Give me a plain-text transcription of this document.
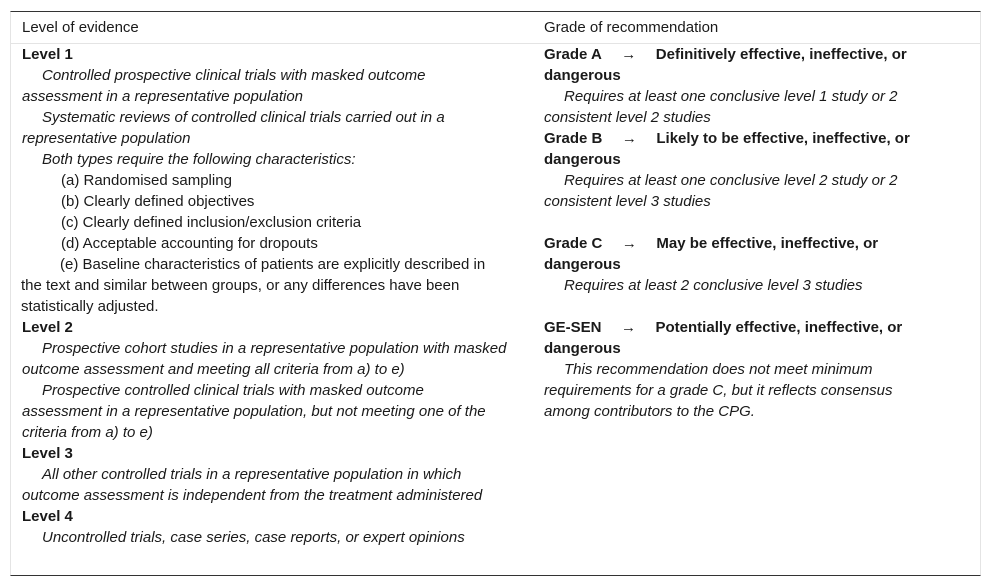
Level of evidence

Level 1

Controlled prospective clinical trials with masked outcome assessment in a representative population

Systematic reviews of controlled clinical trials carried out in a representative population

Both types require the following characteristics:

(a) Randomised sampling

(b) Clearly defined objectives

(c) Clearly defined inclusion/exclusion criteria

(d) Acceptable accounting for dropouts

(e) Baseline characteristics of patients are explicitly described in the text and similar between groups, or any differences have been statistically adjusted.

Level 2

Prospective cohort studies in a representative population with masked outcome assessment and meeting all criteria from a) to e)

Prospective controlled clinical trials with masked outcome assessment in a representative population, but not meeting one of the criteria from a) to e)

Level 3

All other controlled trials in a representative population in which outcome assessment is independent from the treatment administered

Level 4

Uncontrolled trials, case series, case reports, or expert opinions

Grade of recommendation

Grade A → Definitively effective, ineffective, or dangerous

Requires at least one conclusive level 1 study or 2 consistent level 2 studies

Grade B → Likely to be effective, ineffective, or dangerous

Requires at least one conclusive level 2 study or 2 consistent level 3 studies

Grade C → May be effective, ineffective, or dangerous

Requires at least 2 conclusive level 3 studies

GE-SEN → Potentially effective, ineffective, or dangerous

This recommendation does not meet minimum requirements for a grade C, but it reflects consensus among contributors to the CPG.
